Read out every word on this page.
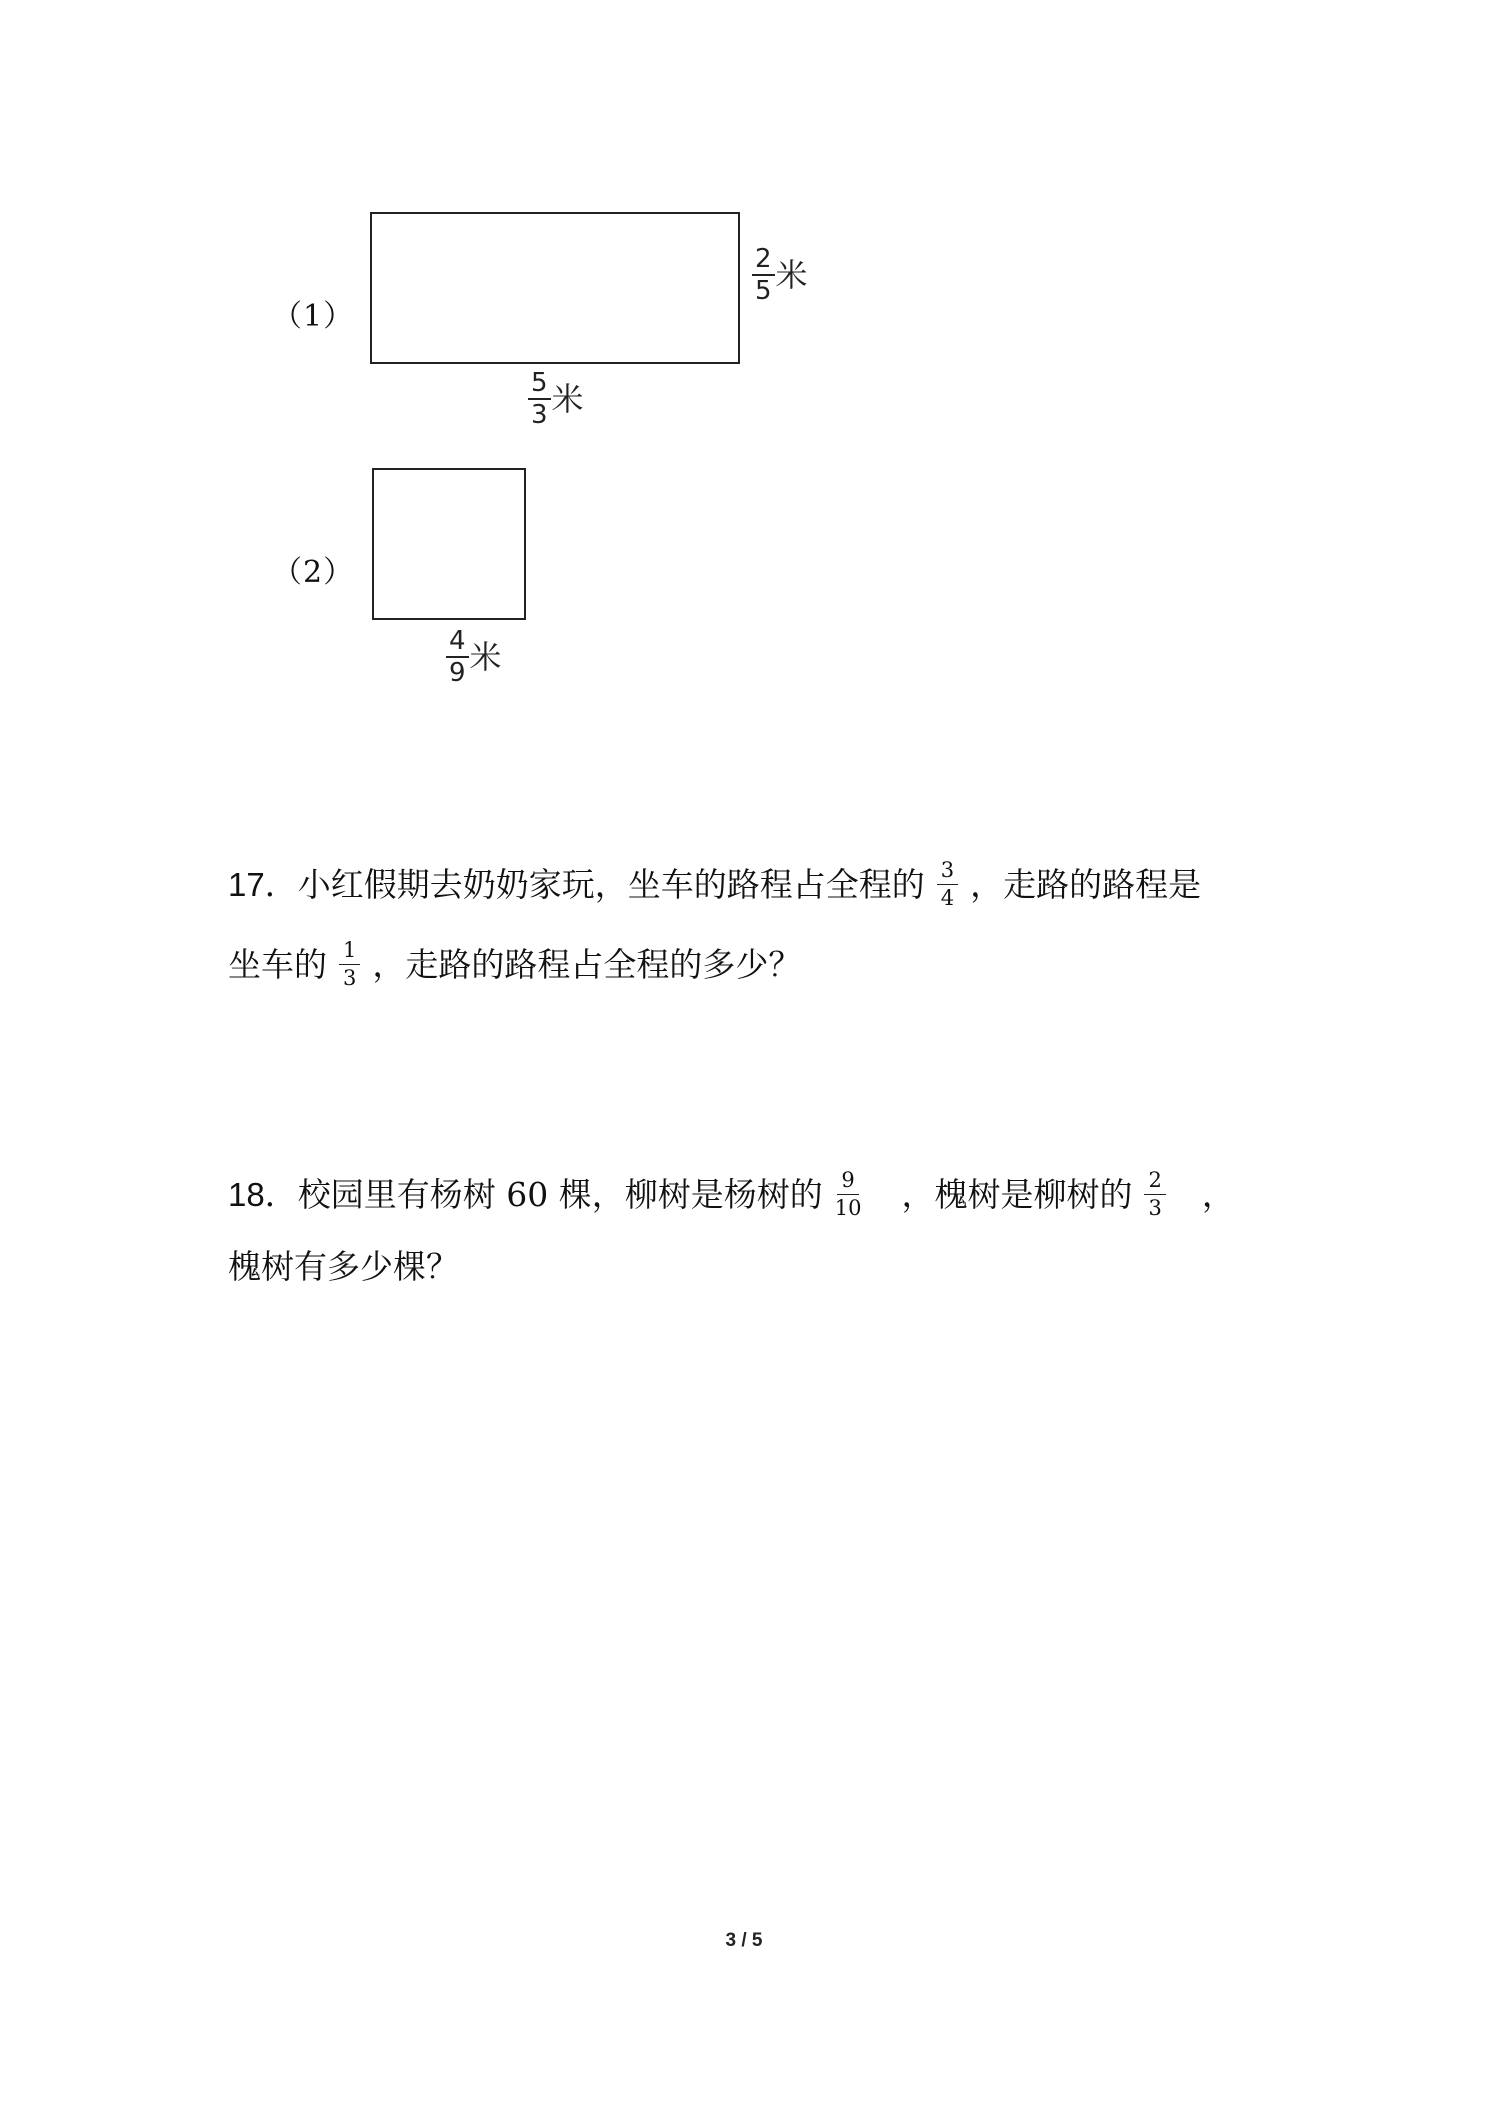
（1）
$\frac{2}{5}$ 米
$\frac{5}{3}$ 米
（2）
$\frac{4}{9}$ 米
17 ．小红假期去奶奶家玩，坐车的路程占全程的 $\frac{3}{4}$ ，走路的路程是
坐车的 $\frac{1}{3}$ ，走路的路程占全程的多少？
18 ．校园里有杨树 60 棵，柳树是杨树的 $\frac{9}{10}$ ，槐树是柳树的 $\frac{2}{3}$ ，
槐树有多少棵？
3 / 5
